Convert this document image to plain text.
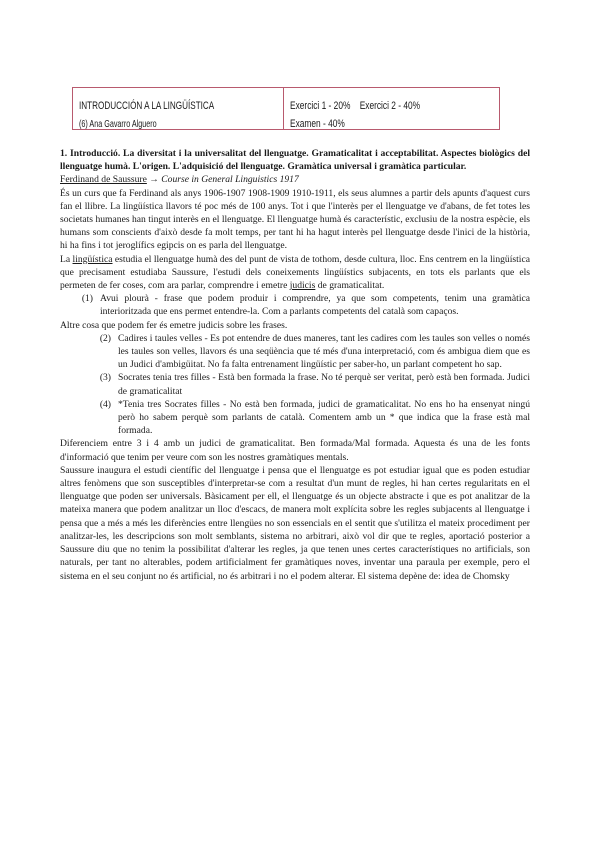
INTRODUCCIÓN A LA LINGÜÍSTICA
(6) Ana Gavarro Alguero
Exercici 1 - 20%    Exercici 2 - 40%
Examen - 40%

1. Introducció. La diversitat i la universalitat del llenguatge. Gramaticalitat i acceptabilitat. Aspectes biològics del llenguatge humà. L'origen. L'adquisició del llenguatge. Gramàtica universal i gramàtica particular.

Ferdinand de Saussure → Course in General Linguistics 1917

És un curs que fa Ferdinand als anys 1906-1907 1908-1909 1910-1911, els seus alumnes a partir dels apunts d'aquest curs fan el llibre. La lingüística llavors té poc més de 100 anys. Tot i que l'interès per el llenguatge ve d'abans, de fet totes les societats humanes han tingut interès en el llenguatge. El llenguatge humà és característic, exclusiu de la nostra espècie, els humans som conscients d'això desde fa molt temps, per tant hi ha hagut interès pel llenguatge desde l'inici de la història, hi ha fins i tot jeroglífics egipcis on es parla del llenguatge.

La lingüística estudia el llenguatge humà des del punt de vista de tothom, desde cultura, lloc. Ens centrem en la lingüística que precisament estudiaba Saussure, l'estudi dels coneixements lingüístics subjacents, en tots els parlants que els permeten de fer coses, com ara parlar, comprendre i emetre judicis de gramaticalitat.

(1) Avui plourà - frase que podem produir i comprendre, ya que som competents, tenim una gramàtica interioritzada que ens permet entendre-la. Com a parlants competents del català som capaços.

Altre cosa que podem fer és emetre judicis sobre les frases.

(2) Cadires i taules velles - Es pot entendre de dues maneres, tant les cadires com les taules son velles o només les taules son velles, llavors és una seqüència que té més d'una interpretació, com és ambigua diem que es un Judici d'ambigüitat. No fa falta entrenament lingüístic per saber-ho, un parlant competent ho sap.
(3) Socrates tenia tres filles - Està ben formada la frase. No té perquè ser veritat, però està ben formada. Judici de gramaticalitat
(4) *Tenia tres Socrates filles - No està ben formada, judici de gramaticalitat. No ens ho ha ensenyat ningú però ho sabem perquè som parlants de català. Comentem amb un * que indica que la frase està mal formada.

Diferenciem entre 3 i 4 amb un judici de gramaticalitat. Ben formada/Mal formada. Aquesta és una de les fonts d'informació que tenim per veure com son les nostres gramàtiques mentals.

Saussure inaugura el estudi científic del llenguatge i pensa que el llenguatge es pot estudiar igual que es poden estudiar altres fenòmens que son susceptibles d'interpretar-se com a resultat d'un munt de regles, hi han certes regularitats en el llenguatge que poden ser universals. Bàsicament per ell, el llenguatge és un objecte abstracte i que es pot analitzar de la mateixa manera que podem analitzar un lloc d'escacs, de manera molt explícita sobre les regles subjacents al llenguatge i pensa que a més a més les diferències entre llengües no son essencials en el sentit que s'utilitza el mateix procediment per analitzar-les, les descripcions son molt semblants, sistema no arbitrari, això vol dir que te regles, aportació posterior a Saussure diu que no tenim la possibilitat d'alterar les regles, ja que tenen unes certes característiques no artificials, son naturals, per tant no alterables, podem artificialment fer gramàtiques noves, inventar una paraula per exemple, pero el sistema en el seu conjunt no és artificial, no és arbitrari i no el podem alterar. El sistema depène de: idea de Chomsky
